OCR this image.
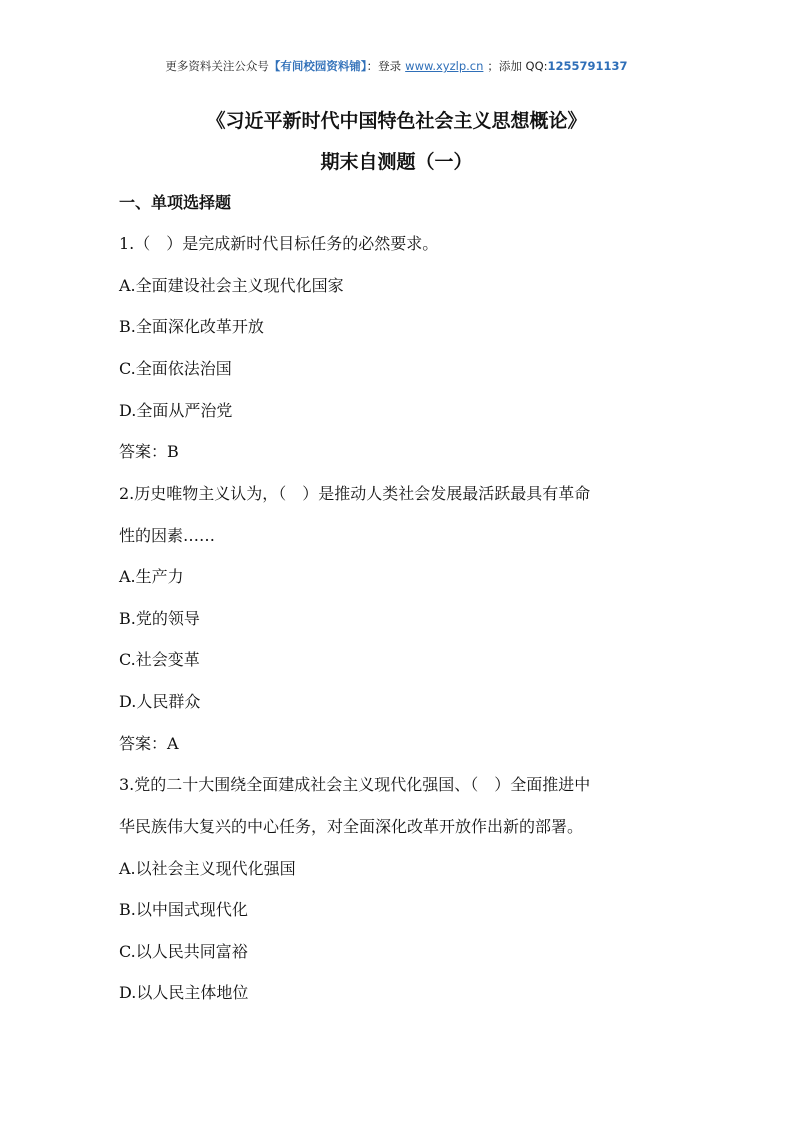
更多资料关注公众号【有间校园资料铺】：登录 www.xyzlp.cn ；添加 QQ:1255791137
《习近平新时代中国特色社会主义思想概论》
期末自测题（一）
一、单项选择题
1.（　）是完成新时代目标任务的必然要求。
A.全面建设社会主义现代化国家
B.全面深化改革开放
C.全面依法治国
D.全面从严治党
答案：B
2.历史唯物主义认为，（　）是推动人类社会发展最活跃最具有革命
性的因素……
A.生产力
B.党的领导
C.社会变革
D.人民群众
答案：A
3.党的二十大围绕全面建成社会主义现代化强国、（　）全面推进中
华民族伟大复兴的中心任务，对全面深化改革开放作出新的部署。
A.以社会主义现代化强国
B.以中国式现代化
C.以人民共同富裕
D.以人民主体地位
